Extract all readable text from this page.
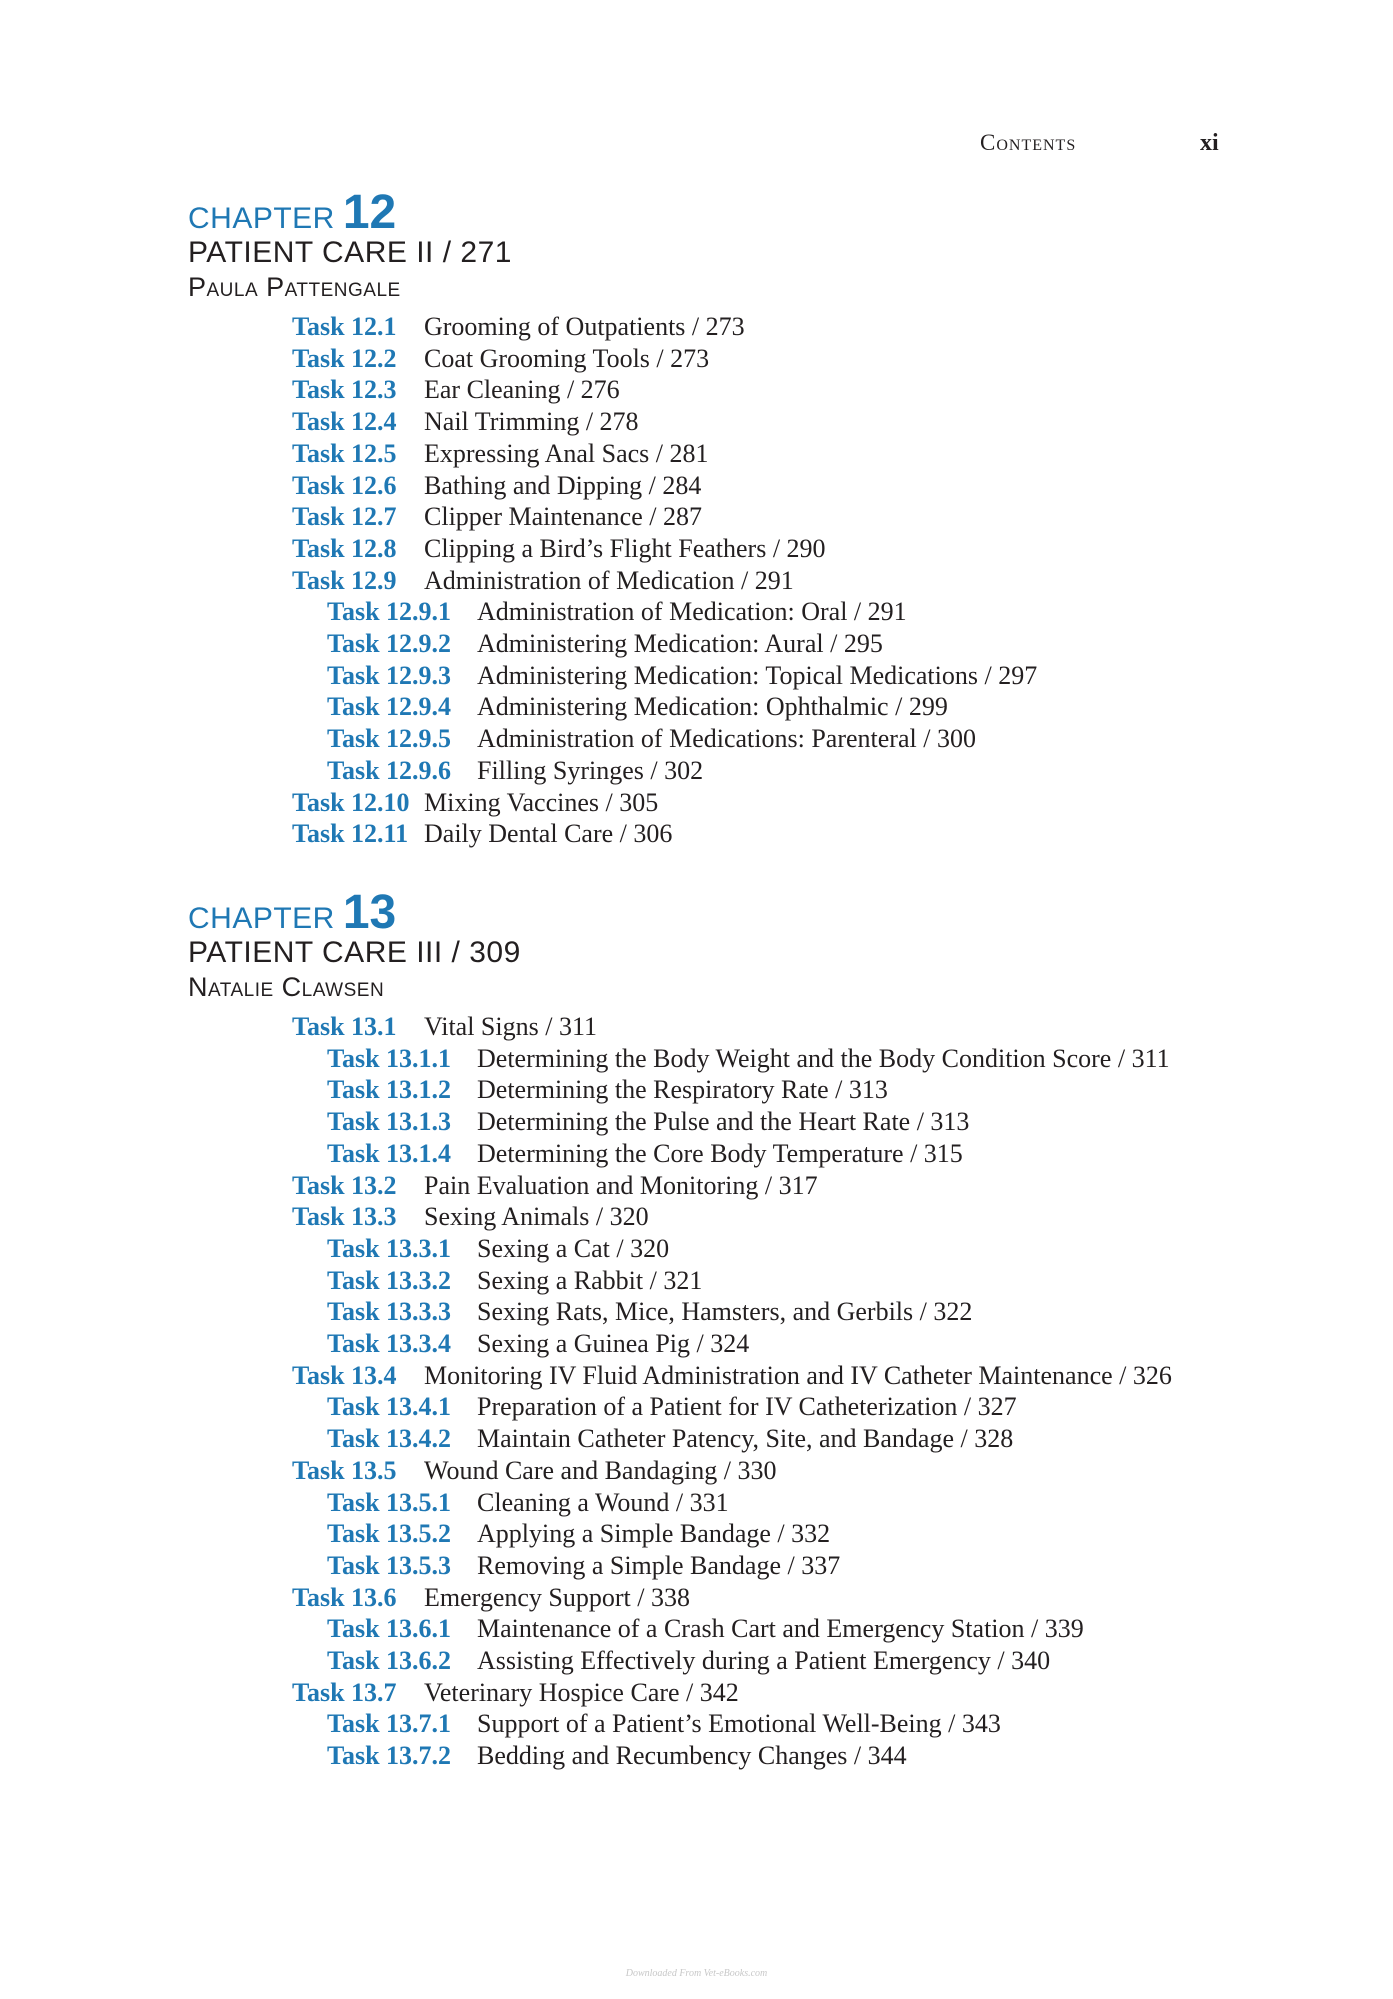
Contents	xi
CHAPTER 12
PATIENT CARE II / 271
Paula Pattengale
Task 12.1 Grooming of Outpatients / 273
Task 12.2 Coat Grooming Tools / 273
Task 12.3 Ear Cleaning / 276
Task 12.4 Nail Trimming / 278
Task 12.5 Expressing Anal Sacs / 281
Task 12.6 Bathing and Dipping / 284
Task 12.7 Clipper Maintenance / 287
Task 12.8 Clipping a Bird’s Flight Feathers / 290
Task 12.9 Administration of Medication / 291
Task 12.9.1 Administration of Medication: Oral / 291
Task 12.9.2 Administering Medication: Aural / 295
Task 12.9.3 Administering Medication: Topical Medications / 297
Task 12.9.4 Administering Medication: Ophthalmic / 299
Task 12.9.5 Administration of Medications: Parenteral / 300
Task 12.9.6 Filling Syringes / 302
Task 12.10 Mixing Vaccines / 305
Task 12.11 Daily Dental Care / 306
CHAPTER 13
PATIENT CARE III / 309
Natalie Clawsen
Task 13.1 Vital Signs / 311
Task 13.1.1 Determining the Body Weight and the Body Condition Score / 311
Task 13.1.2 Determining the Respiratory Rate / 313
Task 13.1.3 Determining the Pulse and the Heart Rate / 313
Task 13.1.4 Determining the Core Body Temperature / 315
Task 13.2 Pain Evaluation and Monitoring / 317
Task 13.3 Sexing Animals / 320
Task 13.3.1 Sexing a Cat / 320
Task 13.3.2 Sexing a Rabbit / 321
Task 13.3.3 Sexing Rats, Mice, Hamsters, and Gerbils / 322
Task 13.3.4 Sexing a Guinea Pig / 324
Task 13.4 Monitoring IV Fluid Administration and IV Catheter Maintenance / 326
Task 13.4.1 Preparation of a Patient for IV Catheterization / 327
Task 13.4.2 Maintain Catheter Patency, Site, and Bandage / 328
Task 13.5 Wound Care and Bandaging / 330
Task 13.5.1 Cleaning a Wound / 331
Task 13.5.2 Applying a Simple Bandage / 332
Task 13.5.3 Removing a Simple Bandage / 337
Task 13.6 Emergency Support / 338
Task 13.6.1 Maintenance of a Crash Cart and Emergency Station / 339
Task 13.6.2 Assisting Effectively during a Patient Emergency / 340
Task 13.7 Veterinary Hospice Care / 342
Task 13.7.1 Support of a Patient’s Emotional Well-Being / 343
Task 13.7.2 Bedding and Recumbency Changes / 344
Downloaded From Vet-eBooks.com
